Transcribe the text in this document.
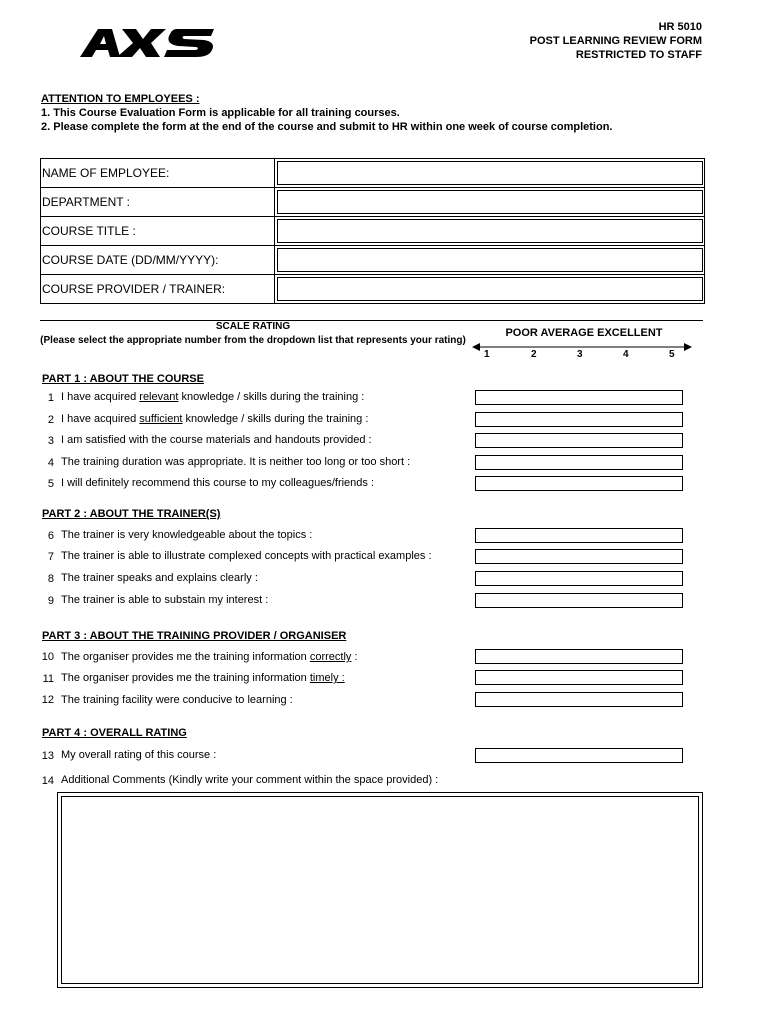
HR 5010
POST LEARNING REVIEW FORM
RESTRICTED TO STAFF
ATTENTION TO EMPLOYEES :
1. This Course Evaluation Form is applicable for all training courses.
2. Please complete the form at the end of the course and submit to HR within one week of course completion.
NAME OF EMPLOYEE:
DEPARTMENT :
COURSE TITLE :
COURSE DATE (DD/MM/YYYY):
COURSE PROVIDER / TRAINER:
SCALE RATING
(Please select the appropriate number from the dropdown list that represents your rating)
POOR AVERAGE EXCELLENT
1	2	3	4	5
PART 1 : ABOUT THE COURSE
1 I have acquired relevant knowledge / skills during the training :
2 I have acquired sufficient knowledge / skills during the training :
3 I am satisfied with the course materials and handouts provided :
4 The training duration was appropriate. It is neither too long or too short :
5 I will definitely recommend this course to my colleagues/friends :
PART 2 : ABOUT THE TRAINER(S)
6 The trainer is very knowledgeable about the topics :
7 The trainer is able to illustrate complexed concepts with practical examples :
8 The trainer speaks and explains clearly :
9 The trainer is able to substain my interest :
PART 3 : ABOUT THE TRAINING PROVIDER / ORGANISER
10 The organiser provides me the training information correctly :
11 The organiser provides me the training information timely :
12 The training facility were conducive to learning :
PART 4 : OVERALL RATING
13 My overall rating of this course :
14 Additional Comments (Kindly write your comment within the space provided) :
